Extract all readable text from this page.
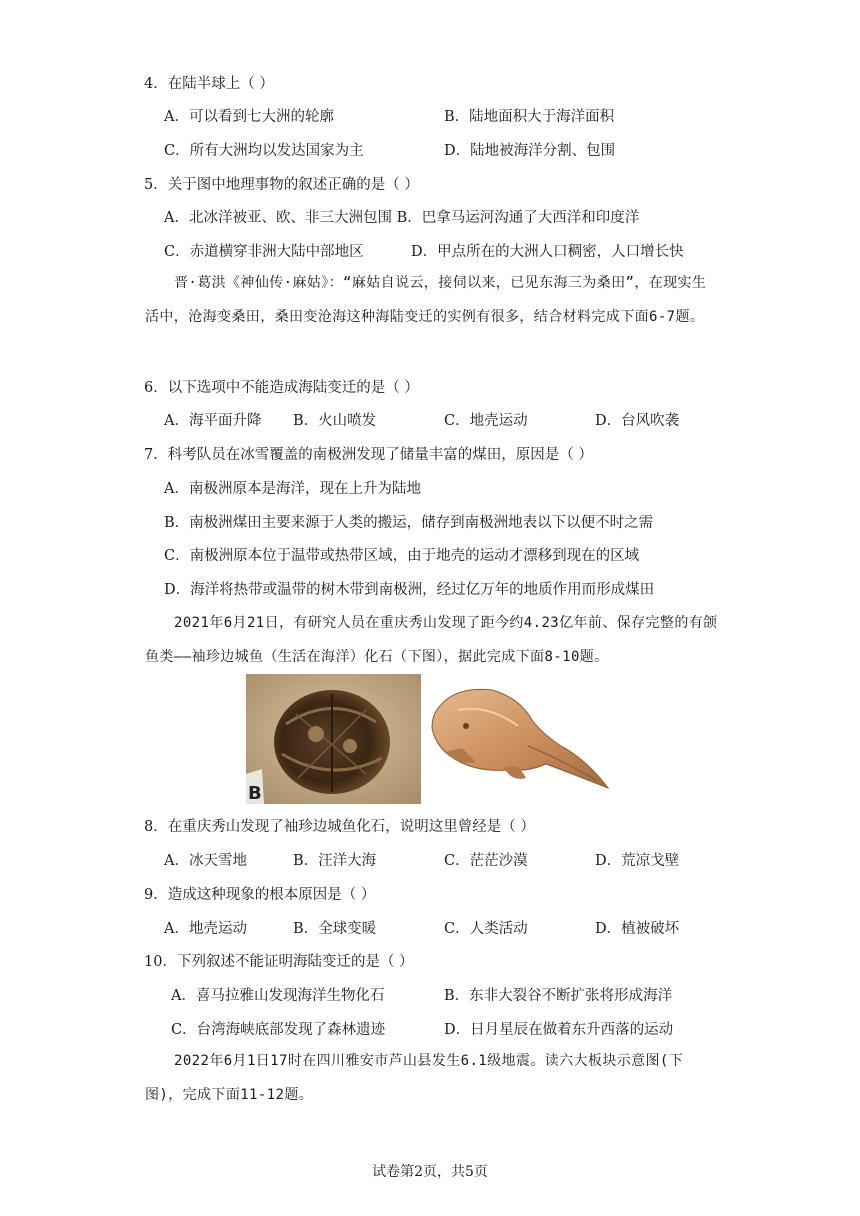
4．在陆半球上（ ）
A．可以看到七大洲的轮廓	B．陆地面积大于海洋面积
C．所有大洲均以发达国家为主	D．陆地被海洋分割、包围
5．关于图中地理事物的叙述正确的是（ ）
A．北冰洋被亚、欧、非三大洲包围 B．巴拿马运河沟通了大西洋和印度洋
C．赤道横穿非洲大陆中部地区	D．甲点所在的大洲人口稠密，人口增长快
晋·葛洪《神仙传·麻姑》：“麻姑自说云，接伺以来，已见东海三为桑田”，在现实生活中，沧海变桑田，桑田变沧海这种海陆变迁的实例有很多，结合材料完成下面6-7题。
6．以下选项中不能造成海陆变迁的是（ ）
A．海平面升降 B．火山喷发	C．地壳运动	D．台风吹袭
7．科考队员在冰雪覆盖的南极洲发现了储量丰富的煤田，原因是（ ）
A．南极洲原本是海洋，现在上升为陆地
B．南极洲煤田主要来源于人类的搬运，储存到南极洲地表以下以便不时之需
C．南极洲原本位于温带或热带区域，由于地壳的运动才漂移到现在的区域
D．海洋将热带或温带的树木带到南极洲，经过亿万年的地质作用而形成煤田
2021年6月21日，有研究人员在重庆秀山发现了距今约4.23亿年前、保存完整的有颌鱼类——袖珍边城鱼（生活在海洋）化石（下图），据此完成下面8-10题。
B
8．在重庆秀山发现了袖珍边城鱼化石，说明这里曾经是（ ）
A．冰天雪地	B．汪洋大海	C．茫茫沙漠	D．荒凉戈壁
9．造成这种现象的根本原因是（ ）
A．地壳运动	B．全球变暖	C．人类活动	D．植被破坏
10．下列叙述不能证明海陆变迁的是（ ）
A．喜马拉雅山发现海洋生物化石	B．东非大裂谷不断扩张将形成海洋
C．台湾海峡底部发现了森林遗迹	D．日月星辰在做着东升西落的运动
2022年6月1日17时在四川雅安市芦山县发生6.1级地震。读六大板块示意图(下图)，完成下面11-12题。
试卷第2页，共5页
